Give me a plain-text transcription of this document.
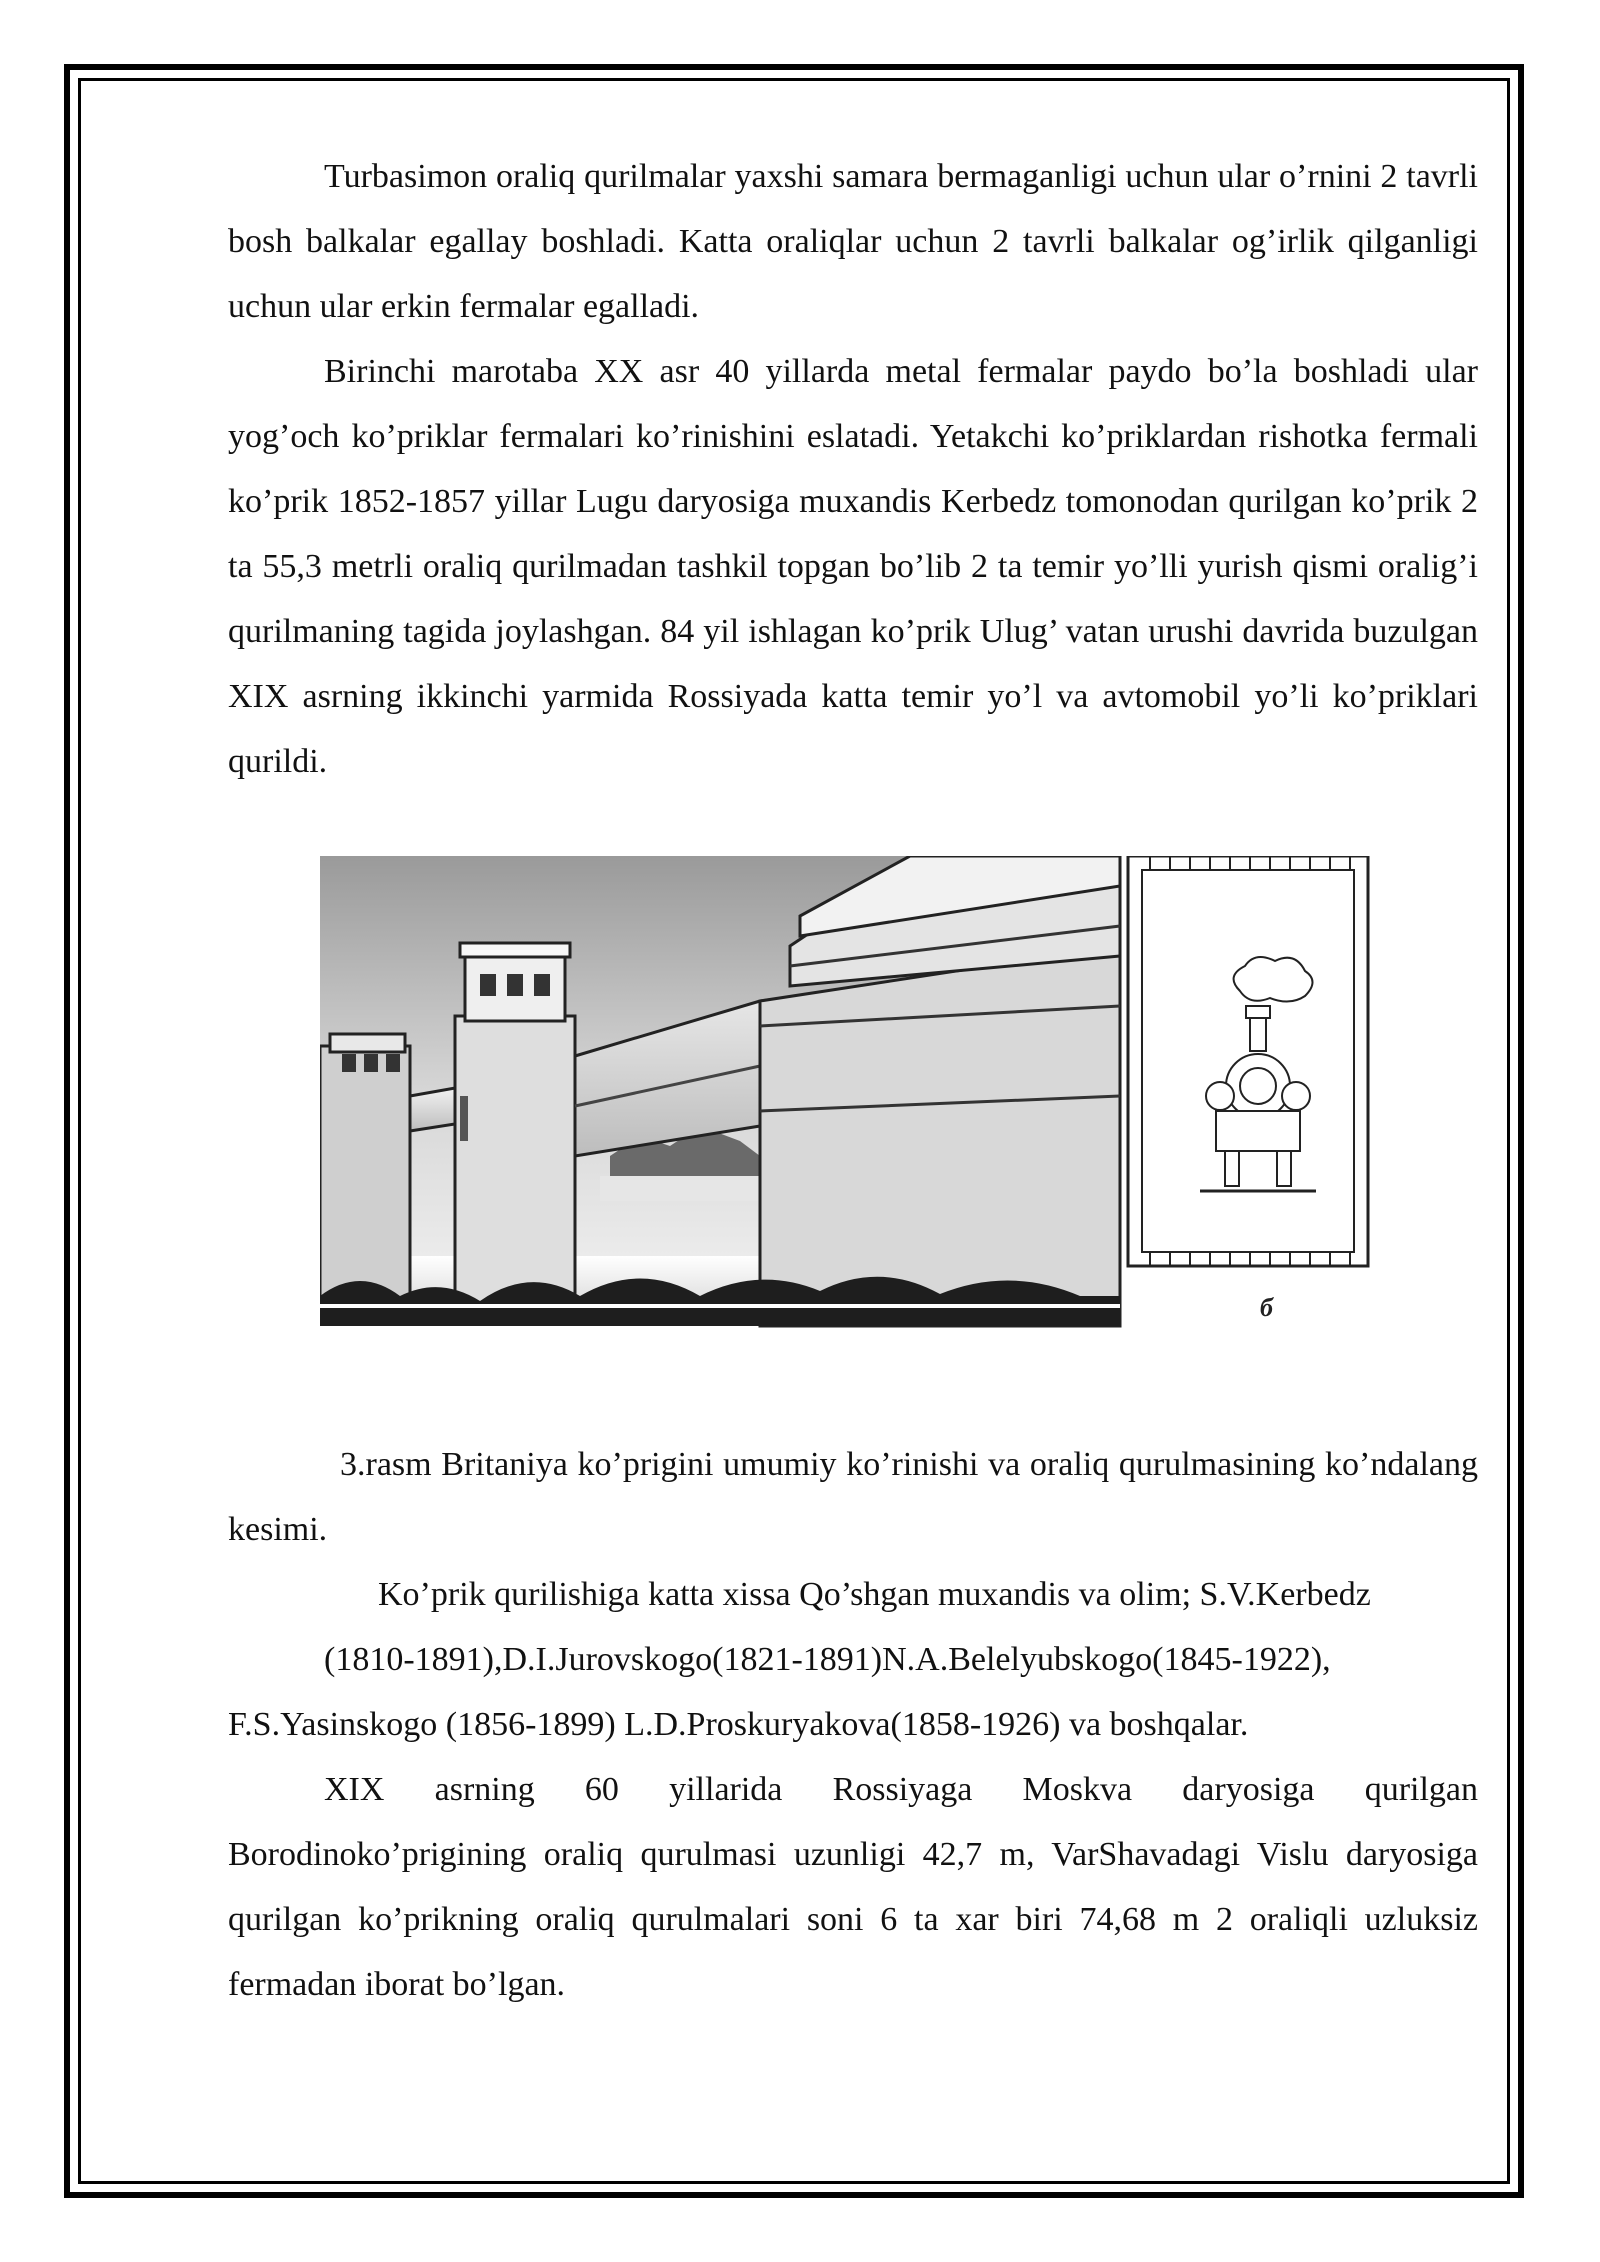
Turbasimon oraliq qurilmalar yaxshi samara bermaganligi uchun ular o’rnini 2 tavrli bosh balkalar egallay boshladi. Katta oraliqlar uchun 2 tavrli balkalar og’irlik qilganligi uchun ular erkin fermalar egalladi.

Birinchi marotaba XX asr 40 yillarda metal fermalar paydo bo’la boshladi ular yog’och ko’priklar fermalari ko’rinishini eslatadi. Yetakchi ko’priklardan rishotka fermali ko’prik 1852-1857 yillar Lugu daryosiga muxandis Kerbedz tomonodan qurilgan ko’prik 2 ta 55,3 metrli oraliq qurilmadan tashkil topgan bo’lib 2 ta temir yo’lli yurish qismi oralig’i qurilmaning tagida joylashgan. 84 yil ishlagan ko’prik Ulug’ vatan urushi davrida buzulgan XIX asrning ikkinchi yarmida Rossiyada katta temir yo’l va avtomobil yo’li ko’priklari qurildi.

б

3.rasm Britaniya ko’prigini umumiy ko’rinishi va oraliq qurulmasining ko’ndalang kesimi.

Ko’prik qurilishiga katta xissa Qo’shgan muxandis va olim; S.V.Kerbedz

(1810-1891),D.I.Jurovskogo(1821-1891)N.A.Belelyubskogo(1845-1922),

F.S.Yasinskogo (1856-1899) L.D.Proskuryakova(1858-1926) va boshqalar.

XIX asrning 60 yillarida Rossiyaga Moskva daryosiga qurilgan Borodinoko’prigining oraliq qurulmasi uzunligi 42,7 m, VarShavadagi Vislu daryosiga qurilgan ko’prikning oraliq qurulmalari soni 6 ta xar biri 74,68 m 2 oraliqli uzluksiz fermadan iborat bo’lgan.
